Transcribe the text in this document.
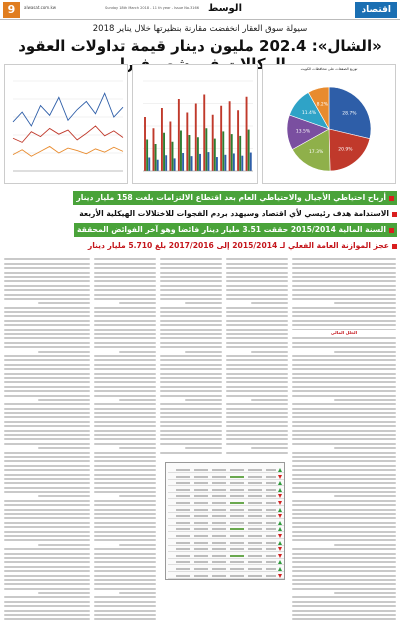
9	alwasat.com.kw	Sunday 18th March 2018 - 11 th year - Issue No.3166 الوسط	اقتصاد
سيولة سوق العقار انخفضت مقارنة بنظيرتها خلال يناير 2018
«الشال»: 202.4 مليون دينار قيمة تداولات العقود والوكالات	توزيع الصفقات على محافظات الكويت
28.7%
20.9%
17.3%
13.5%
11.4%
8.2%
أرباح احتياطي الأجيال والاحتياطي العام بعد اقتطاع الالتزامات بلغت 158 مليار دينار
الاستدامة هدف رئيسي لأي اقتصاد وسيهدد بردم الفجوات للاختلالات الهيكلية الأربعة
السنة المالية 2015/2014 حققت 3.51 مليار دينار فائضا وهو آخر الفوائض المحققة
عجز الموازنة العامة الفعلي لـ 2015/2014 إلى 2017/2016 بلغ 5.710 مليار دينار
الخلل المالي
